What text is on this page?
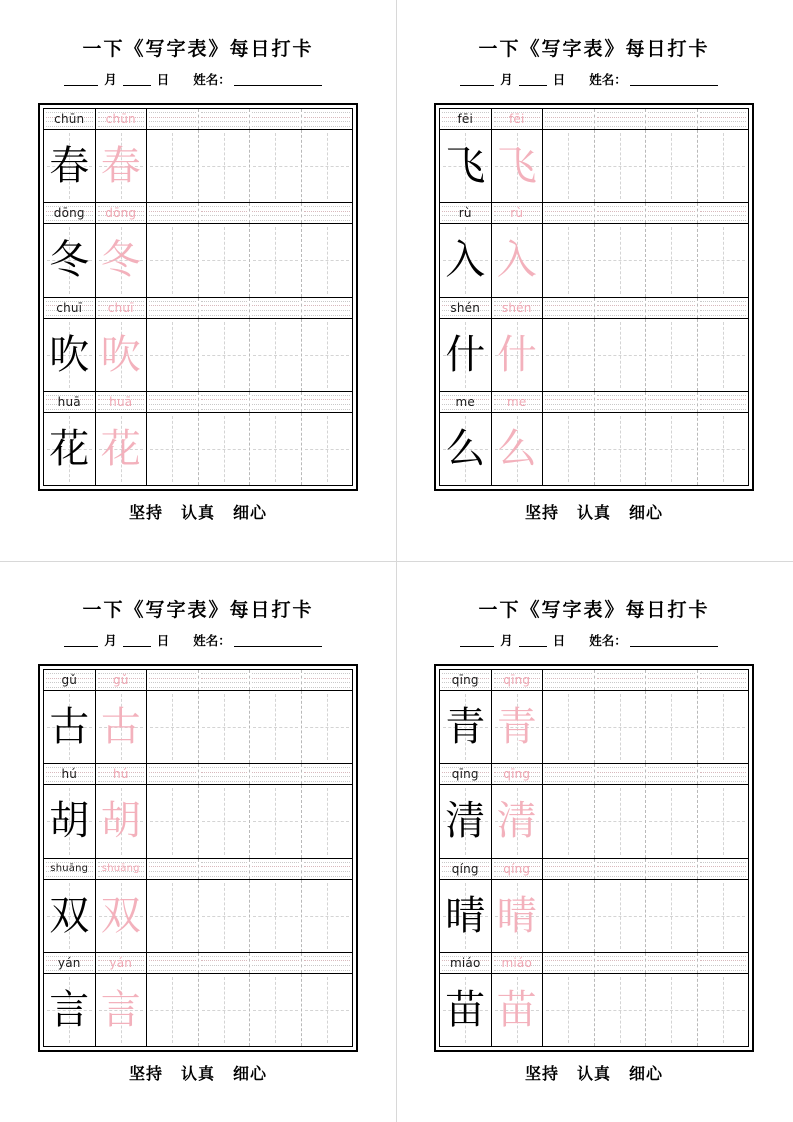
一下《写字表》每日打卡
月	日 姓名：
chūn	chūn
春 春
dōng	dōng
冬 冬
chuī	chuī
吹 吹
huā	huā
花 花
坚持 认真 细心
一下《写字表》每日打卡
月	日 姓名：
fēi	fēi
飞 飞
rù	rù
入 入
shén	shén
什 什
me	me
么 么
坚持 认真 细心
一下《写字表》每日打卡
月	日 姓名：
gǔ	gǔ
古 古
hú	hú
胡 胡
shuāng	shuāng
双 双
yán	yán
言 言
坚持 认真 细心
一下《写字表》每日打卡
月	日 姓名：
qīng	qīng
青 青
qīng	qīng
清 清
qíng	qíng
晴 晴
miáo	miáo
苗 苗
坚持 认真 细心
